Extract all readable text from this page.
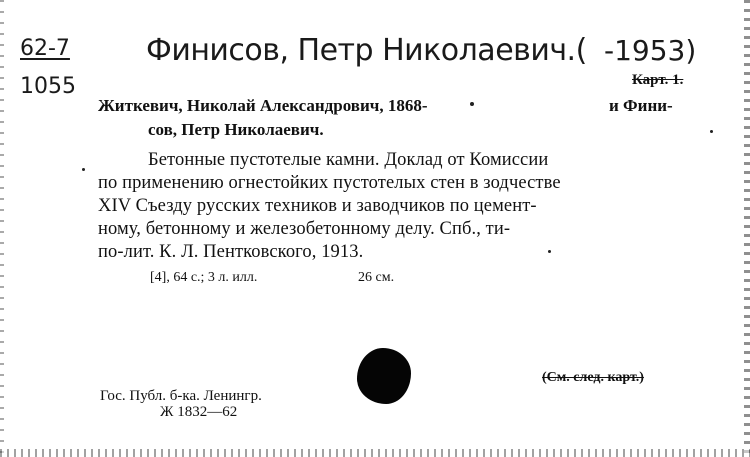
62-7
1055
Финисов, Петр Николаевич.( -1953)
Карт. 1.
Житкевич, Николай Александрович, 1868-	и Фини-
сов, Петр Николаевич.
Бетонные пустотелые камни. Доклад от Комиссии
по применению огнестойких пустотелых стен в зодчестве
XIV Съезду русских техников и заводчиков по цемент-
ному, бетонному и железобетонному делу. Спб., ти-
по-лит. К. Л. Пентковского, 1913.
[4], 64 с.; 3 л. илл.	26 см.
(См. след. карт.)
Гос. Публ. б-ка. Ленингр.
Ж 1832—62
